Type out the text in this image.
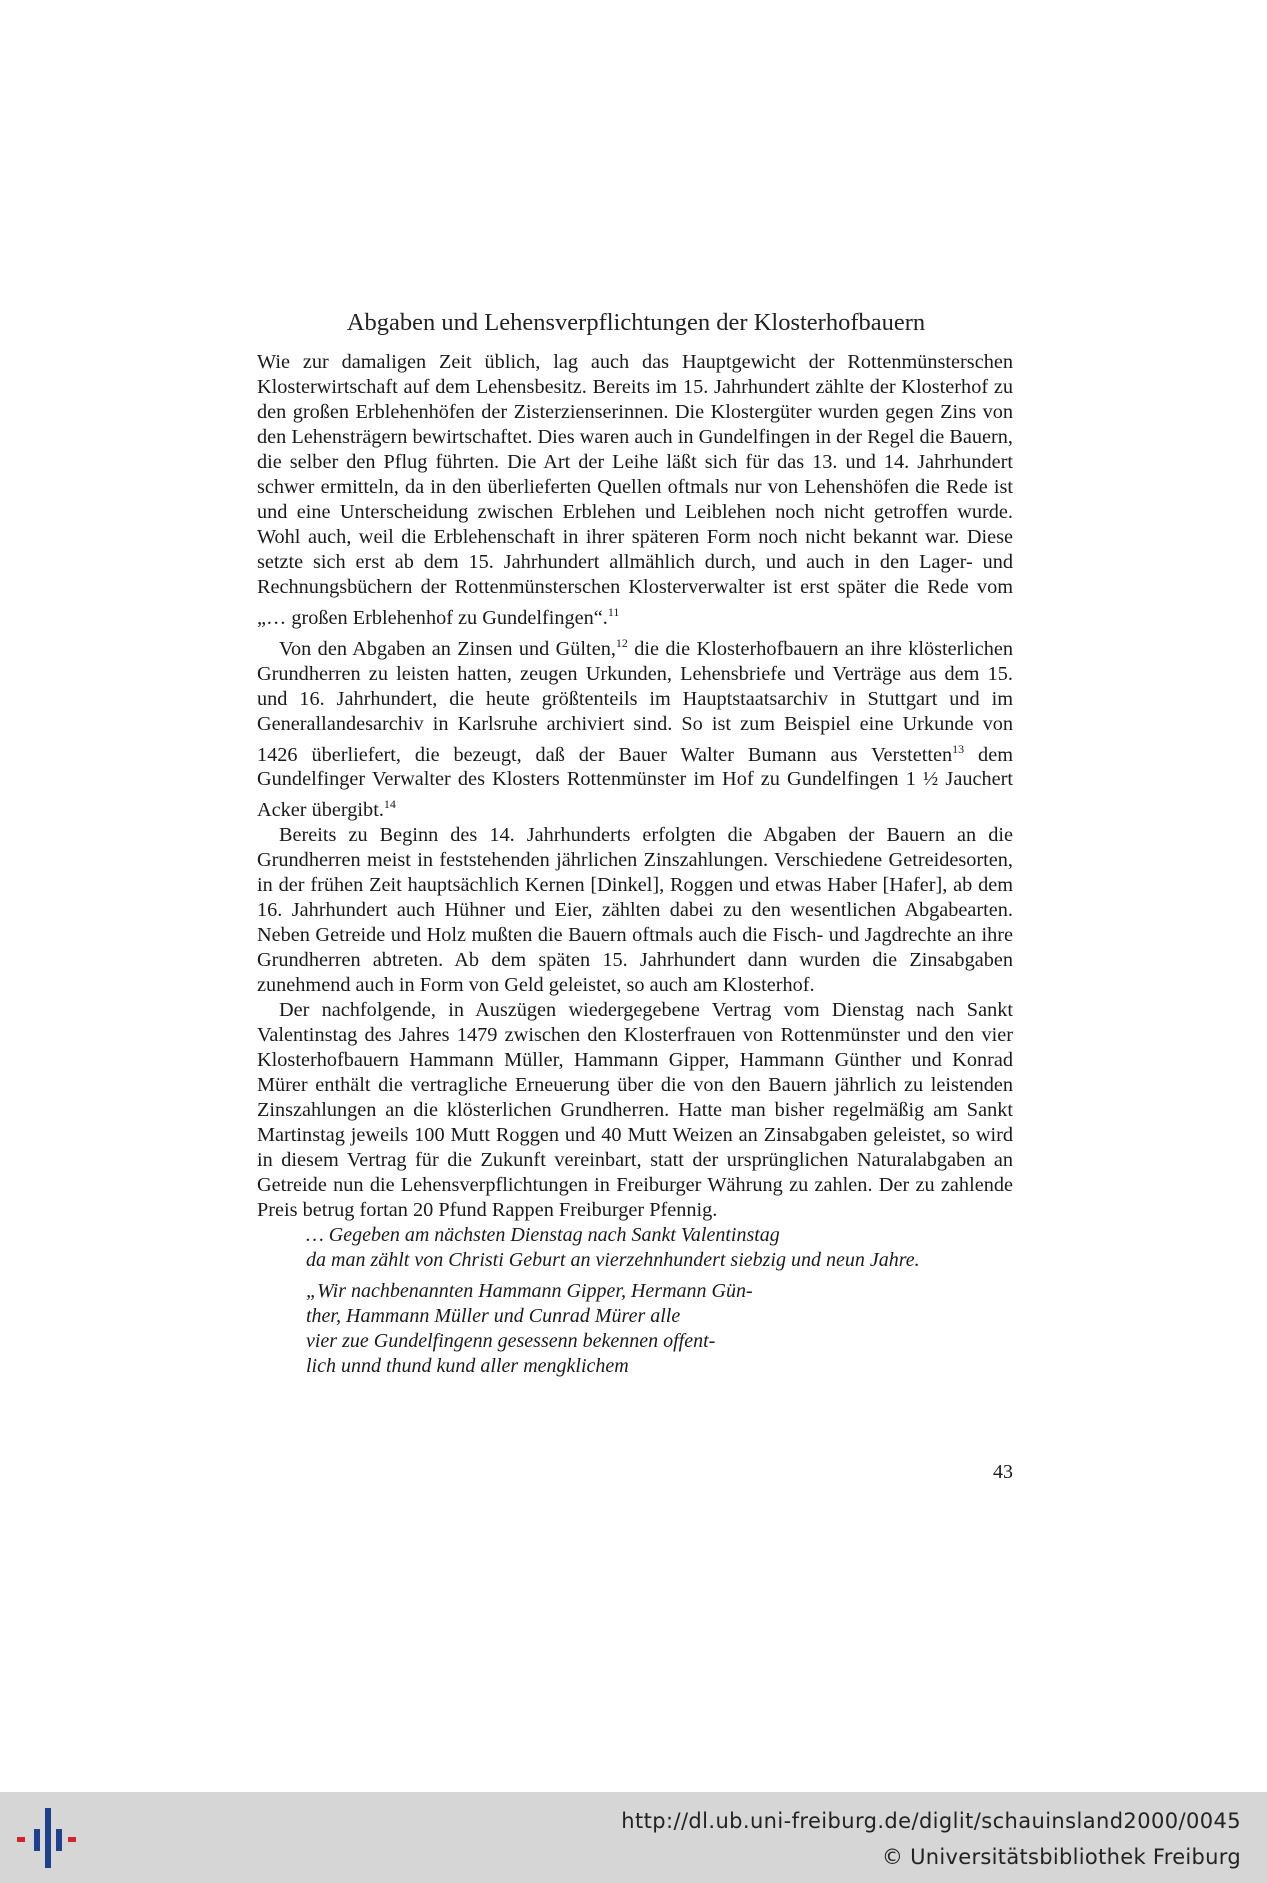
Abgaben und Lehensverpflichtungen der Klosterhofbauern

Wie zur damaligen Zeit üblich, lag auch das Hauptgewicht der Rottenmünsterschen Klosterwirtschaft auf dem Lehensbesitz. Bereits im 15. Jahrhundert zählte der Klosterhof zu den großen Erblehenhöfen der Zisterzienserinnen. Die Klostergüter wurden gegen Zins von den Lehensträgern bewirtschaftet. Dies waren auch in Gundelfingen in der Regel die Bauern, die selber den Pflug führten. Die Art der Leihe läßt sich für das 13. und 14. Jahrhundert schwer ermitteln, da in den überlieferten Quellen oftmals nur von Lehenshöfen die Rede ist und eine Unterscheidung zwischen Erblehen und Leiblehen noch nicht getroffen wurde. Wohl auch, weil die Erblehenschaft in ihrer späteren Form noch nicht bekannt war. Diese setzte sich erst ab dem 15. Jahrhundert allmählich durch, und auch in den Lager- und Rechnungsbüchern der Rottenmünsterschen Klosterverwalter ist erst später die Rede vom „… großen Erblehenhof zu Gundelfingen“.$^{11}$

Von den Abgaben an Zinsen und Gülten,$^{12}$ die die Klosterhofbauern an ihre klösterlichen Grundherren zu leisten hatten, zeugen Urkunden, Lehensbriefe und Verträge aus dem 15. und 16. Jahrhundert, die heute größtenteils im Hauptstaatsarchiv in Stuttgart und im Generallandesarchiv in Karlsruhe archiviert sind. So ist zum Beispiel eine Urkunde von 1426 überliefert, die bezeugt, daß der Bauer Walter Bumann aus Verstetten$^{13}$ dem Gundelfinger Verwalter des Klosters Rottenmünster im Hof zu Gundelfingen 1 ½ Jauchert Acker übergibt.$^{14}$

Bereits zu Beginn des 14. Jahrhunderts erfolgten die Abgaben der Bauern an die Grundherren meist in feststehenden jährlichen Zinszahlungen. Verschiedene Getreidesorten, in der frühen Zeit hauptsächlich Kernen [Dinkel], Roggen und etwas Haber [Hafer], ab dem 16. Jahrhundert auch Hühner und Eier, zählten dabei zu den wesentlichen Abgabearten. Neben Getreide und Holz mußten die Bauern oftmals auch die Fisch- und Jagdrechte an ihre Grundherren abtreten. Ab dem späten 15. Jahrhundert dann wurden die Zinsabgaben zunehmend auch in Form von Geld geleistet, so auch am Klosterhof.

Der nachfolgende, in Auszügen wiedergegebene Vertrag vom Dienstag nach Sankt Valentinstag des Jahres 1479 zwischen den Klosterfrauen von Rottenmünster und den vier Klosterhofbauern Hammann Müller, Hammann Gipper, Hammann Günther und Konrad Mürer enthält die vertragliche Erneuerung über die von den Bauern jährlich zu leistenden Zinszahlungen an die klösterlichen Grundherren. Hatte man bisher regelmäßig am Sankt Martinstag jeweils 100 Mutt Roggen und 40 Mutt Weizen an Zinsabgaben geleistet, so wird in diesem Vertrag für die Zukunft vereinbart, statt der ursprünglichen Naturalabgaben an Getreide nun die Lehensverpflichtungen in Freiburger Währung zu zahlen. Der zu zahlende Preis betrug fortan 20 Pfund Rappen Freiburger Pfennig.

… Gegeben am nächsten Dienstag nach Sankt Valentinstag

da man zählt von Christi Geburt an vierzehnhundert siebzig und neun Jahre.

„Wir nachbenannten Hammann Gipper, Hermann Gün-

ther, Hammann Müller und Cunrad Mürer alle

vier zue Gundelfingenn gesessenn bekennen offent-

lich unnd thund kund aller mengklichem

43
http://dl.ub.uni-freiburg.de/diglit/schauinsland2000/0045
© Universitätsbibliothek Freiburg
